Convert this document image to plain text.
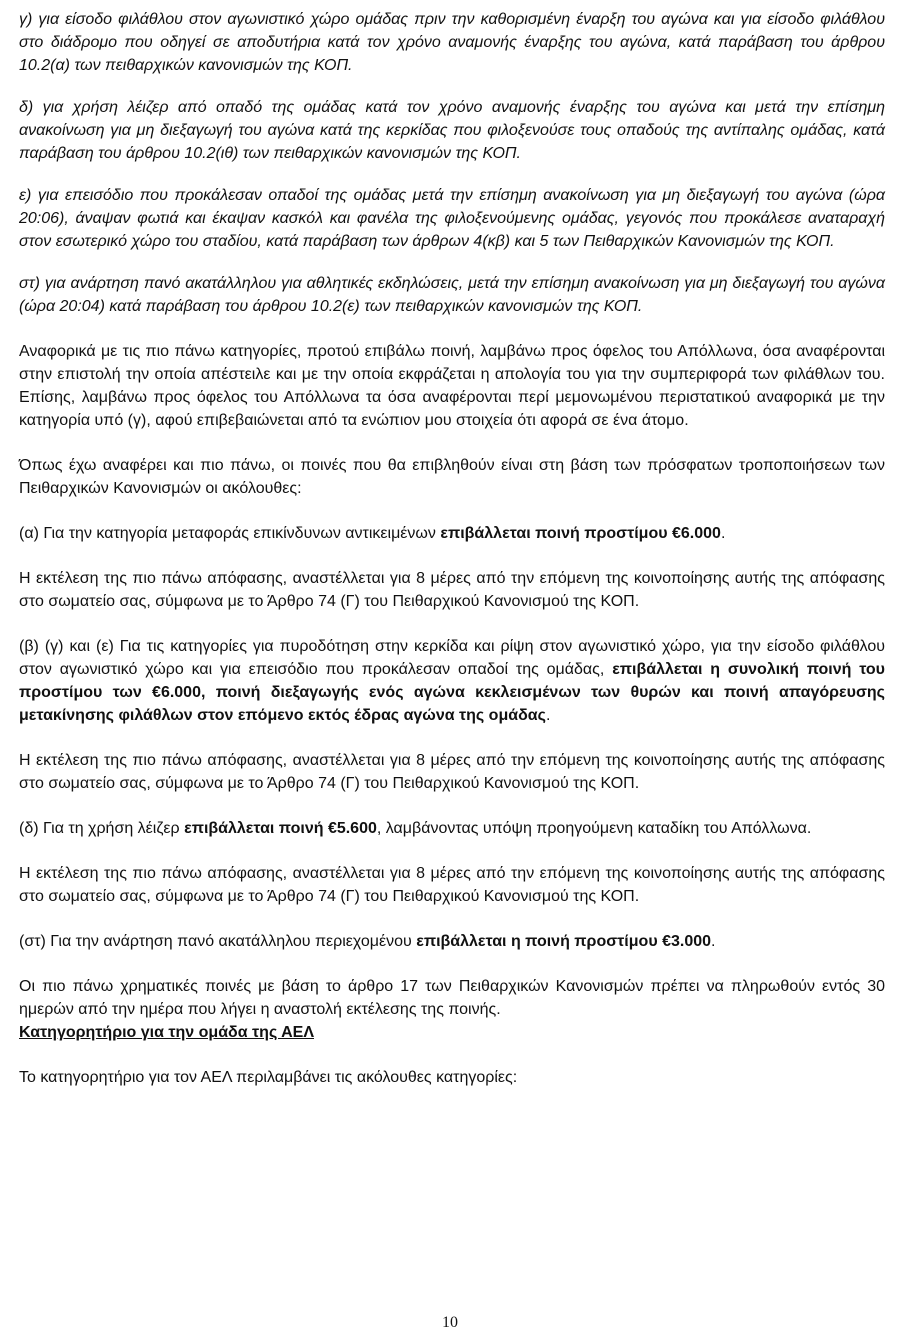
γ) για είσοδο φιλάθλου στον αγωνιστικό χώρο ομάδας πριν την καθορισμένη έναρξη του αγώνα και για είσοδο φιλάθλου στο διάδρομο που οδηγεί σε αποδυτήρια κατά τον χρόνο αναμονής έναρξης του αγώνα, κατά παράβαση του άρθρου 10.2(α) των πειθαρχικών κανονισμών της ΚΟΠ.

δ) για χρήση λέιζερ από οπαδό της ομάδας κατά τον χρόνο αναμονής έναρξης του αγώνα και μετά την επίσημη ανακοίνωση για μη διεξαγωγή του αγώνα κατά της κερκίδας που φιλοξενούσε τους οπαδούς της αντίπαλης ομάδας, κατά παράβαση του άρθρου 10.2(ιθ) των πειθαρχικών κανονισμών της ΚΟΠ.

ε) για επεισόδιο που προκάλεσαν οπαδοί της ομάδας μετά την επίσημη ανακοίνωση για μη διεξαγωγή του αγώνα (ώρα 20:06), άναψαν φωτιά και έκαψαν κασκόλ και φανέλα της φιλοξενούμενης ομάδας, γεγονός που προκάλεσε αναταραχή στον εσωτερικό χώρο του σταδίου, κατά παράβαση των άρθρων 4(κβ) και 5 των Πειθαρχικών Κανονισμών της ΚΟΠ.

στ) για ανάρτηση πανό ακατάλληλου για αθλητικές εκδηλώσεις, μετά την επίσημη ανακοίνωση για μη διεξαγωγή του αγώνα (ώρα 20:04) κατά παράβαση του άρθρου 10.2(ε) των πειθαρχικών κανονισμών της ΚΟΠ.

Αναφορικά με τις πιο πάνω κατηγορίες, προτού επιβάλω ποινή, λαμβάνω προς όφελος του Απόλλωνα, όσα αναφέρονται στην επιστολή την οποία απέστειλε και με την οποία εκφράζεται η απολογία του για την συμπεριφορά των φιλάθλων του. Επίσης, λαμβάνω προς όφελος του Απόλλωνα τα όσα αναφέρονται περί μεμονωμένου περιστατικού αναφορικά με την κατηγορία υπό (γ), αφού επιβεβαιώνεται από τα ενώπιον μου στοιχεία ότι αφορά σε ένα άτομο.

Όπως έχω αναφέρει και πιο πάνω, οι ποινές που θα επιβληθούν είναι στη βάση των πρόσφατων τροποποιήσεων των Πειθαρχικών Κανονισμών οι ακόλουθες:

(α) Για την κατηγορία μεταφοράς επικίνδυνων αντικειμένων επιβάλλεται ποινή προστίμου €6.000.

Η εκτέλεση της πιο πάνω απόφασης, αναστέλλεται για 8 μέρες από την επόμενη της κοινοποίησης αυτής της απόφασης στο σωματείο σας, σύμφωνα με το Άρθρο 74 (Γ) του Πειθαρχικού Κανονισμού της ΚΟΠ.

(β) (γ) και (ε) Για τις κατηγορίες για πυροδότηση στην κερκίδα και ρίψη στον αγωνιστικό χώρο, για την είσοδο φιλάθλου στον αγωνιστικό χώρο και για επεισόδιο που προκάλεσαν οπαδοί της ομάδας, επιβάλλεται η συνολική ποινή του προστίμου των €6.000, ποινή διεξαγωγής ενός αγώνα κεκλεισμένων των θυρών και ποινή απαγόρευσης μετακίνησης φιλάθλων στον επόμενο εκτός έδρας αγώνα της ομάδας.

Η εκτέλεση της πιο πάνω απόφασης, αναστέλλεται για 8 μέρες από την επόμενη της κοινοποίησης αυτής της απόφασης στο σωματείο σας, σύμφωνα με το Άρθρο 74 (Γ) του Πειθαρχικού Κανονισμού της ΚΟΠ.

(δ) Για τη χρήση λέιζερ επιβάλλεται ποινή €5.600, λαμβάνοντας υπόψη προηγούμενη καταδίκη του Απόλλωνα.

Η εκτέλεση της πιο πάνω απόφασης, αναστέλλεται για 8 μέρες από την επόμενη της κοινοποίησης αυτής της απόφασης στο σωματείο σας, σύμφωνα με το Άρθρο 74 (Γ) του Πειθαρχικού Κανονισμού της ΚΟΠ.

(στ) Για την ανάρτηση πανό ακατάλληλου περιεχομένου επιβάλλεται η ποινή προστίμου €3.000.

Οι πιο πάνω χρηματικές ποινές με βάση το άρθρο 17 των Πειθαρχικών Κανονισμών πρέπει να πληρωθούν εντός 30 ημερών από την ημέρα που λήγει η αναστολή εκτέλεσης της ποινής.

Κατηγορητήριο για την ομάδα της ΑΕΛ

Το κατηγορητήριο για τον ΑΕΛ περιλαμβάνει τις ακόλουθες κατηγορίες:

10
